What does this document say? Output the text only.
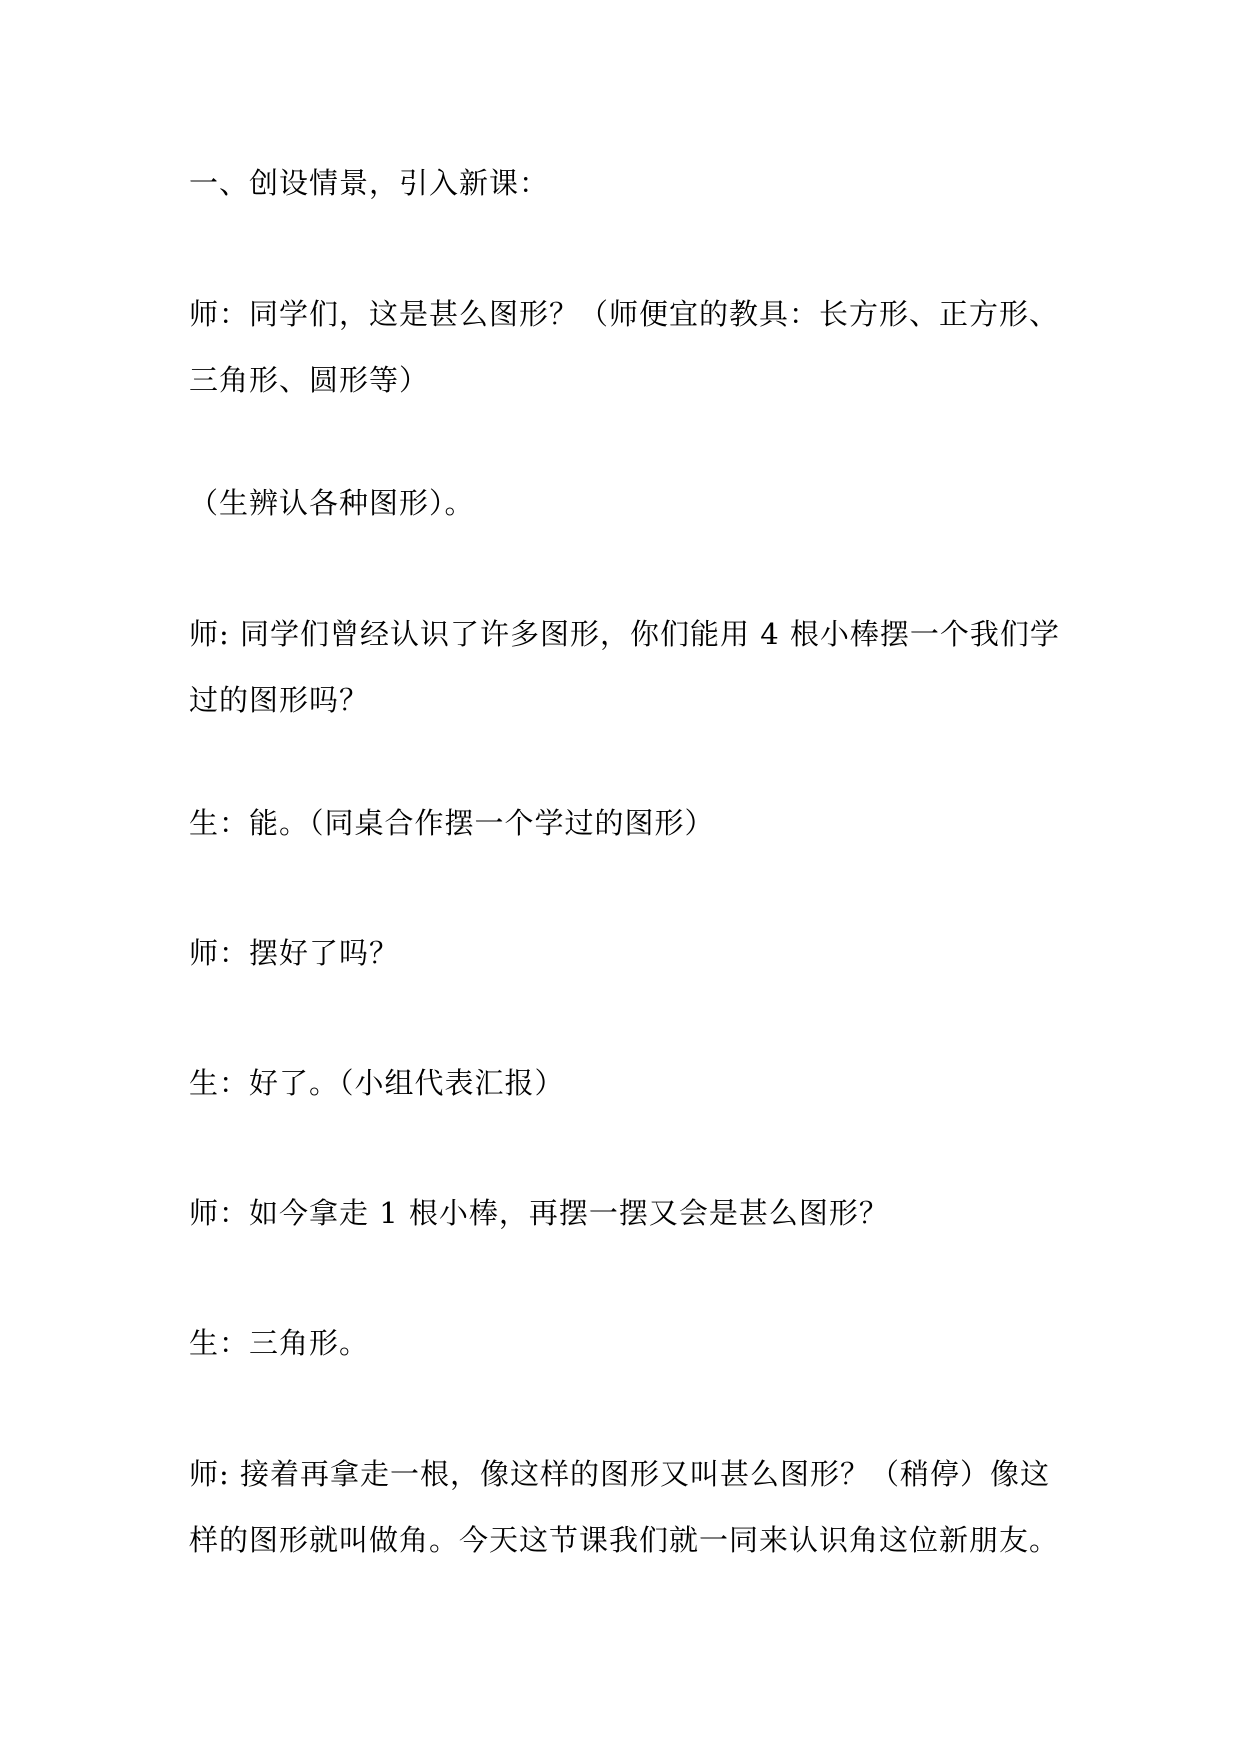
一、创设情景，引入新课：
师：同学们，这是甚么图形？（师便宜的教具：长方形、正方形、
三角形、圆形等）
（生辨认各种图形）。
师: 同学们曾经认识了许多图形，你们能用 4 根小棒摆一个我们学
过的图形吗？
生：能。（同桌合作摆一个学过的图形）
师：摆好了吗？
生：好了。（小组代表汇报）
师：如今拿走 1 根小棒，再摆一摆又会是甚么图形？
生：三角形。
师: 接着再拿走一根，像这样的图形又叫甚么图形？（稍停）像这
样的图形就叫做角。今天这节课我们就一同来认识角这位新朋友。
